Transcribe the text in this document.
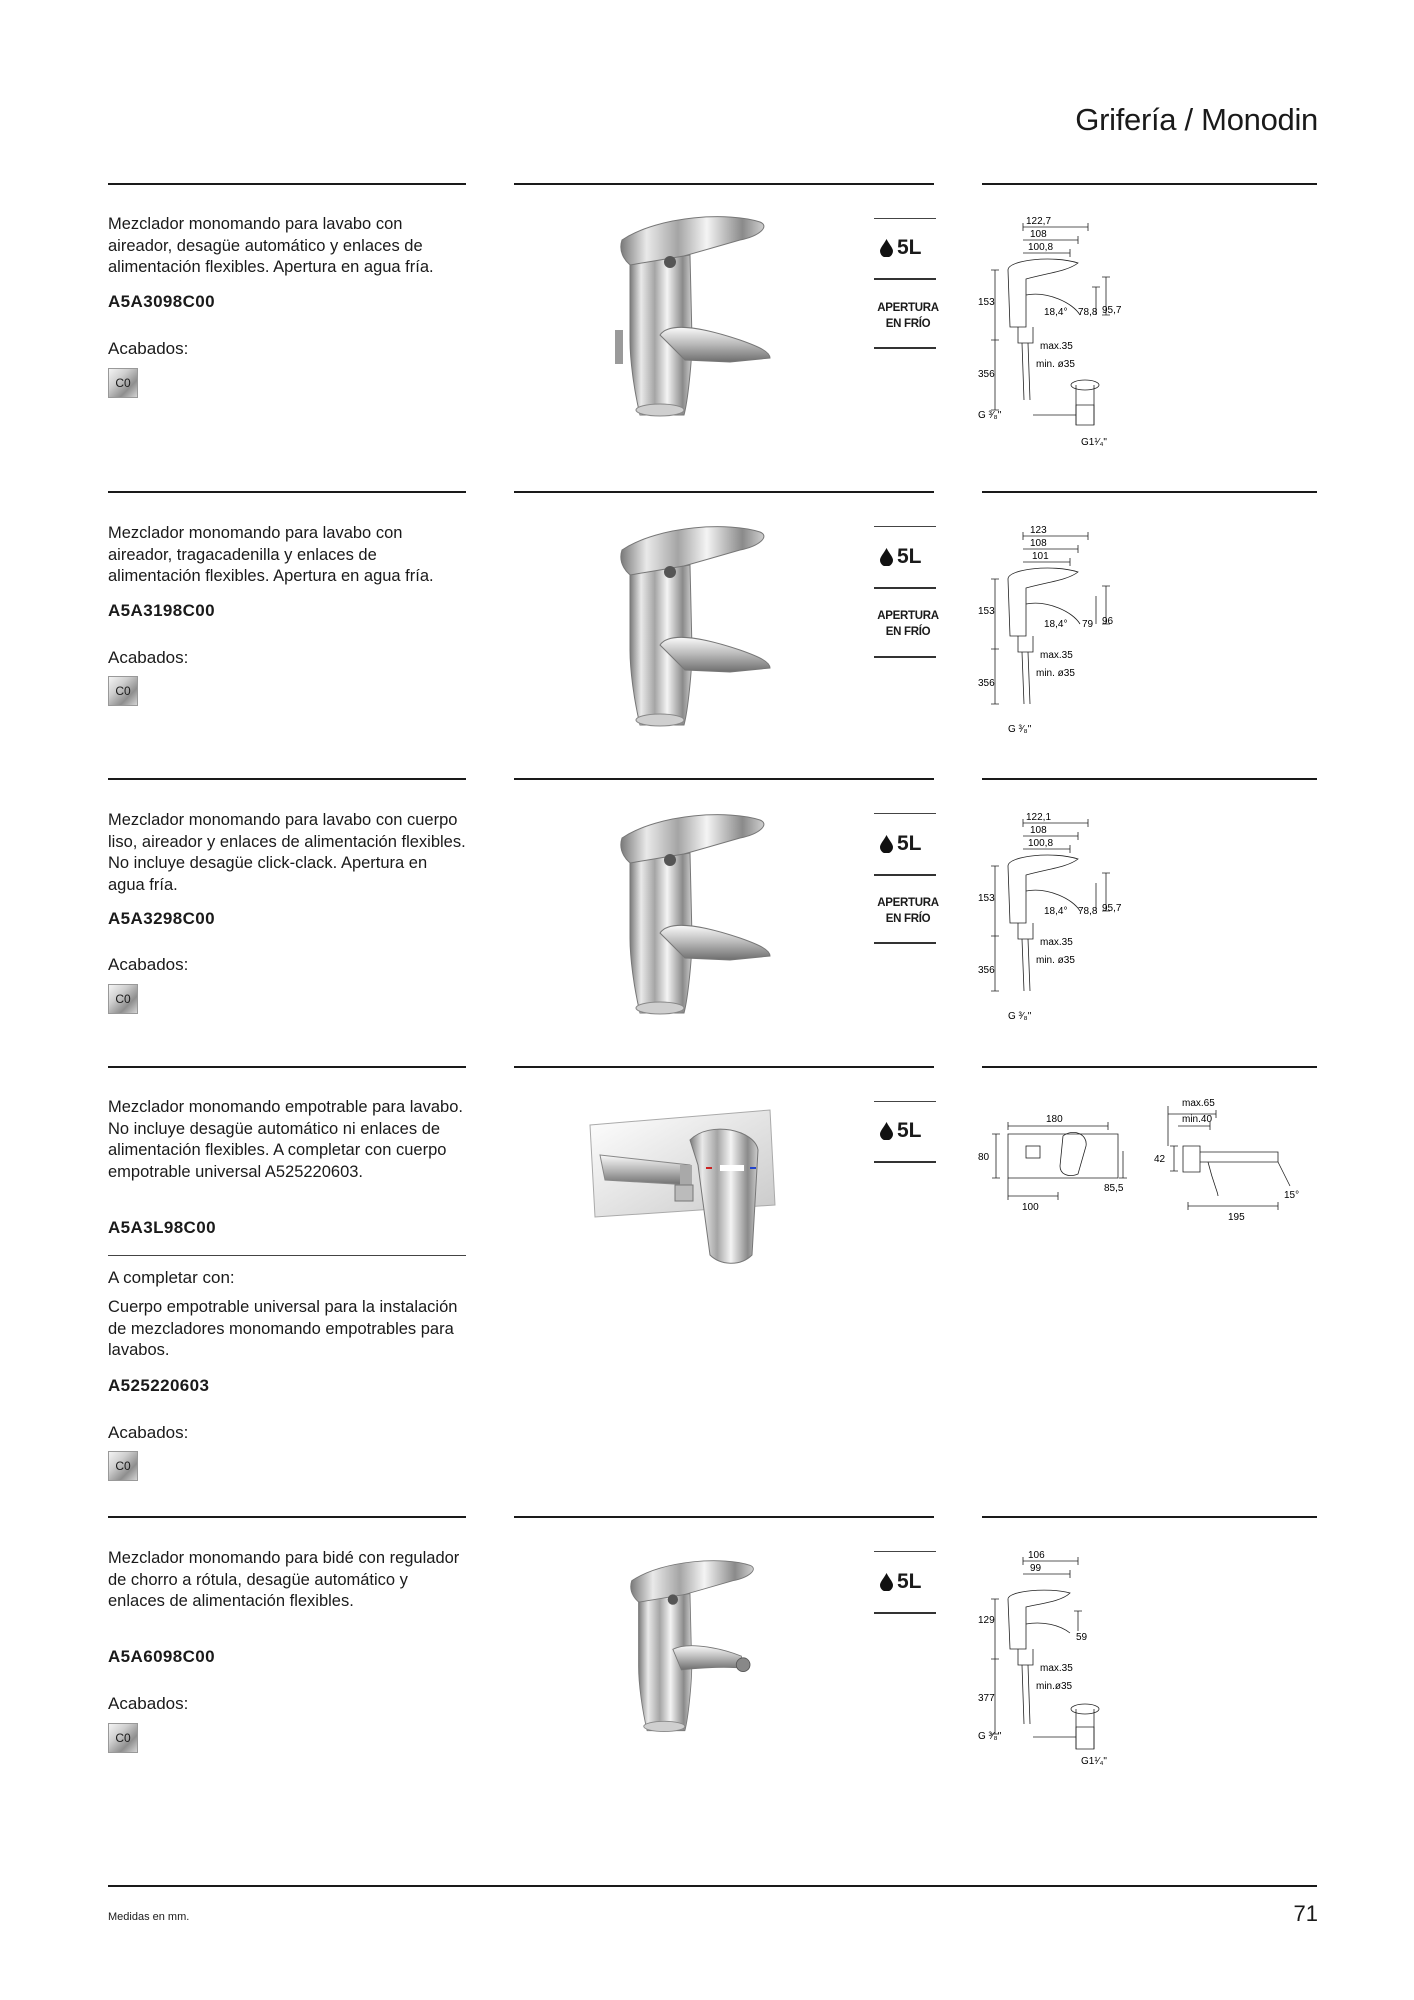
Grifería / Monodin
Mezclador monomando para lavabo con aireador, desagüe automático y enlaces de alimentación flexibles. Apertura en agua fría.
A5A3098C00
Acabados:
C0
5L
APERTURA
EN FRÍO
122,7
108
100,8
153
18,4° 78,8 95,7
max.35
min. ø35
356
G ³⁄₈"
G1¹⁄₄"
Mezclador monomando para lavabo con aireador, tragacadenilla y enlaces de alimentación flexibles. Apertura en agua fría.
A5A3198C00
Acabados:
C0
5L
APERTURA
EN FRÍO
123
108
101
153
18,4° 79 96
max.35
min. ø35
356
G ³⁄₈"
Mezclador monomando para lavabo con cuerpo liso, aireador y enlaces de alimentación flexibles. No incluye desagüe click-clack. Apertura en agua fría.
A5A3298C00
Acabados:
C0
5L
APERTURA
EN FRÍO
122,1
108
100,8
153
18,4° 78,8 95,7
max.35
min. ø35
356
G ³⁄₈"
Mezclador monomando empotrable para lavabo. No incluye desagüe automático ni enlaces de alimentación flexibles. A completar con cuerpo empotrable universal A525220603.
A5A3L98C00
A completar con:
Cuerpo empotrable universal para la instalación de mezcladores monomando empotrables para lavabos.
A525220603
Acabados:
C0
5L	180
80
85,5
100
max.65
min.40
42
195
15°
Mezclador monomando para bidé con regulador de chorro a rótula, desagüe automático y enlaces de alimentación flexibles.
A5A6098C00
Acabados:
C0
5L
106
99
129
59
max.35
min.ø35
377
G ³⁄₈"
G1¹⁄₄"
Medidas en mm.	71
